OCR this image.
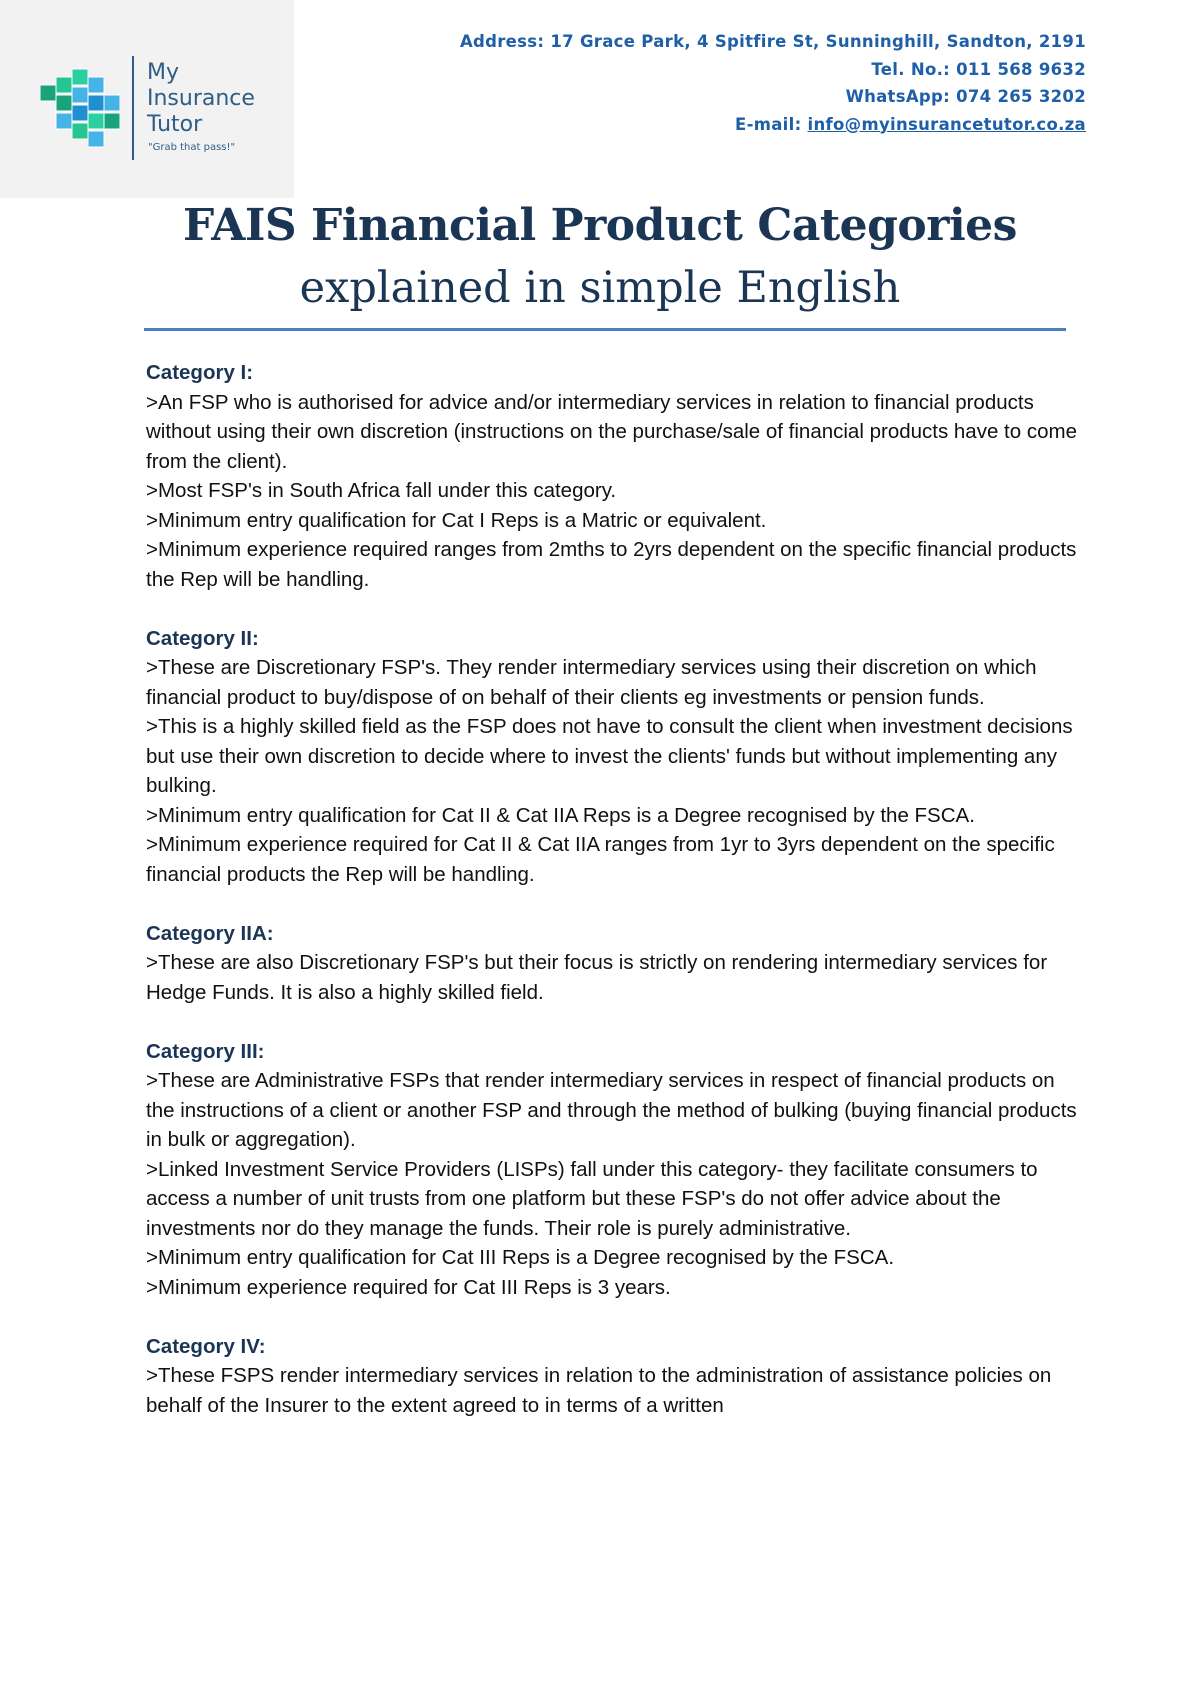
My
Insurance
Tutor
"Grab that pass!"
Address: 17 Grace Park, 4 Spitfire St, Sunninghill, Sandton, 2191
Tel. No.: 011 568 9632
WhatsApp: 074 265 3202
E-mail: info@myinsurancetutor.co.za
FAIS Financial Product Categories
explained in simple English
Category I:
>An FSP who is authorised for advice and/or intermediary services in relation to financial products without using their own discretion (instructions on the purchase/sale of financial products have to come from the client).
>Most FSP's in South Africa fall under this category.
>Minimum entry qualification for Cat I Reps is a Matric or equivalent.
>Minimum experience required ranges from 2mths to 2yrs dependent on the specific financial products the Rep will be handling.
Category II:
>These are Discretionary FSP's. They render intermediary services using their discretion on which financial product to buy/dispose of on behalf of their clients eg investments or pension funds.
>This is a highly skilled field as the FSP does not have to consult the client when investment decisions but use their own discretion to decide where to invest the clients' funds but without implementing any bulking.
>Minimum entry qualification for Cat II & Cat IIA Reps is a Degree recognised by the FSCA.
>Minimum experience required for Cat II & Cat IIA ranges from 1yr to 3yrs dependent on the specific financial products the Rep will be handling.
Category IIA:
>These are also Discretionary FSP's but their focus is strictly on rendering intermediary services for Hedge Funds. It is also a highly skilled field.
Category III:
>These are Administrative FSPs that render intermediary services in respect of financial products on the instructions of a client or another FSP and through the method of bulking (buying financial products in bulk or aggregation).
>Linked Investment Service Providers (LISPs) fall under this category- they facilitate consumers to access a number of unit trusts from one platform but these FSP's do not offer advice about the investments nor do they manage the funds. Their role is purely administrative.
>Minimum entry qualification for Cat III Reps is a Degree recognised by the FSCA.
>Minimum experience required for Cat III Reps is 3 years.
Category IV:
>These FSPS render intermediary services in relation to the administration of assistance policies on behalf of the Insurer to the extent agreed to in terms of a written
